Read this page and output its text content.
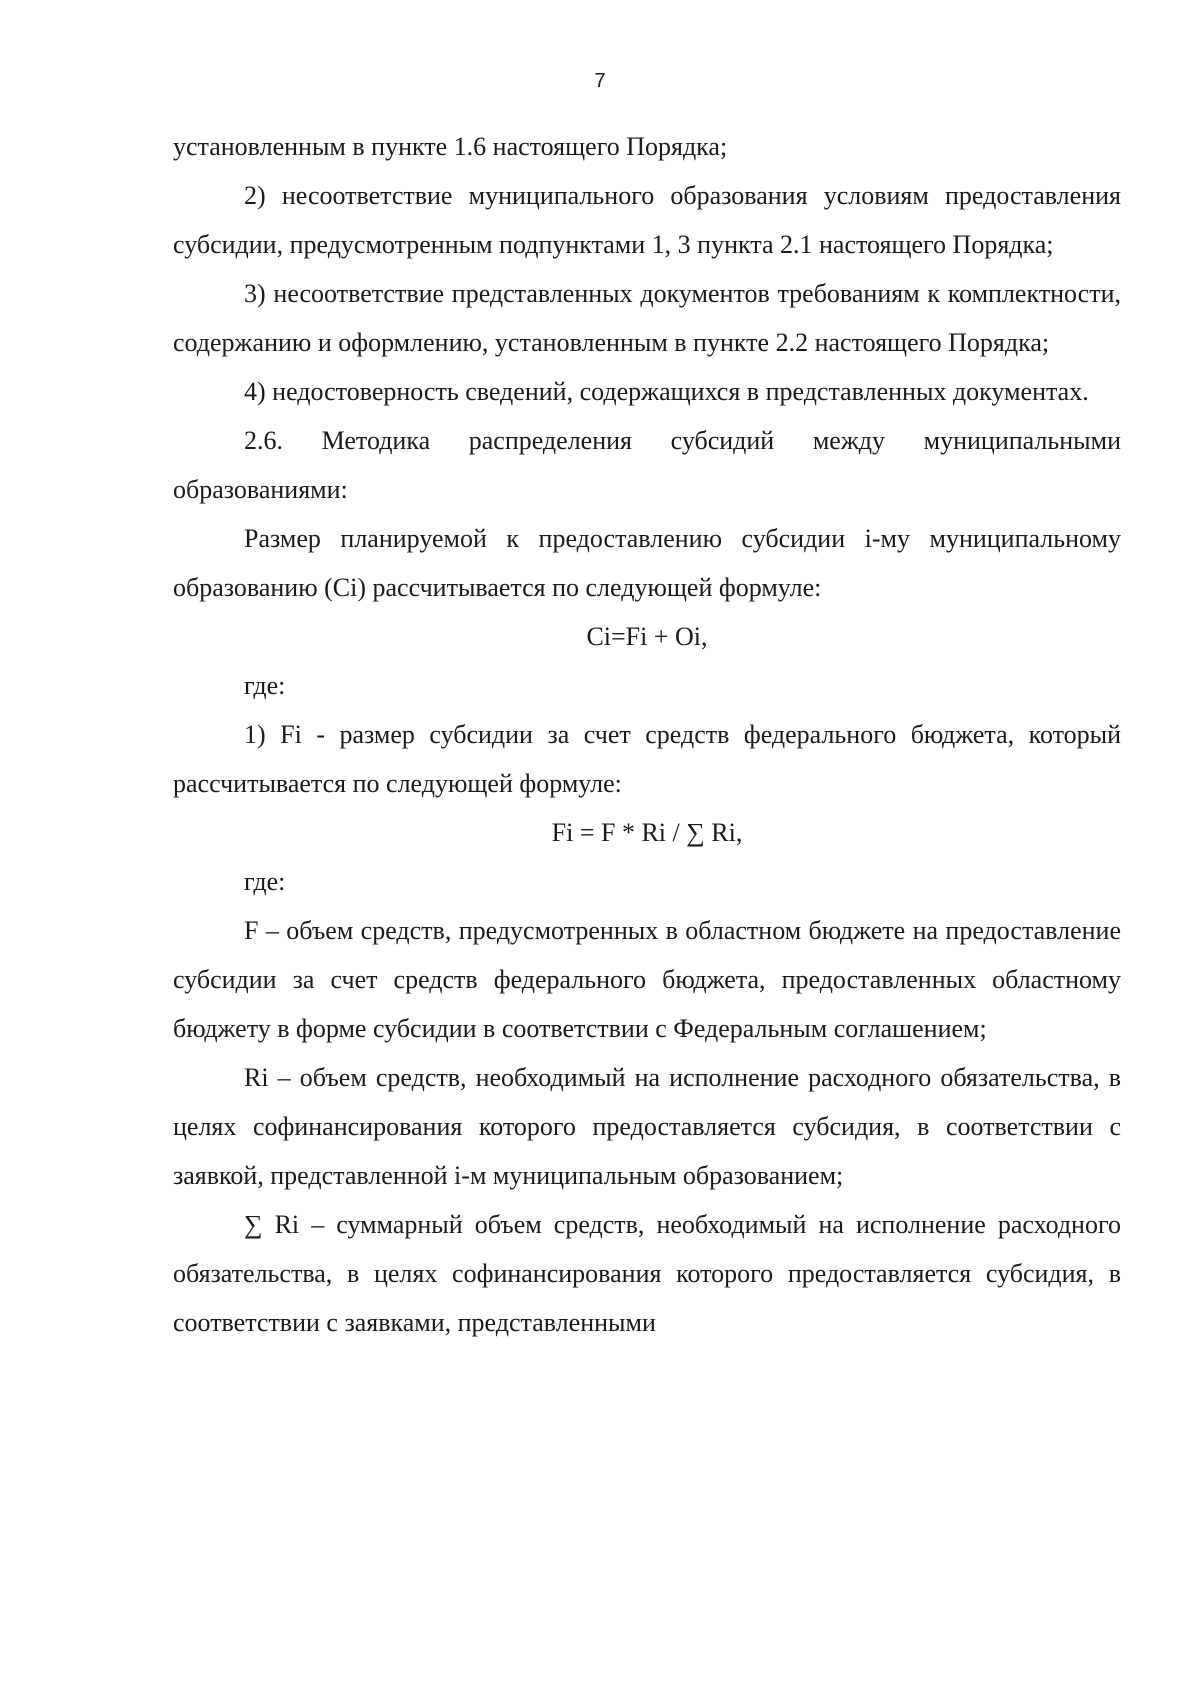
7

установленным в пункте 1.6 настоящего Порядка;

2) несоответствие муниципального образования условиям предоставления субсидии, предусмотренным подпунктами 1, 3 пункта 2.1 настоящего Порядка;

3) несоответствие представленных документов требованиям к комплектности, содержанию и оформлению, установленным в пункте 2.2 настоящего Порядка;

4) недостоверность сведений, содержащихся в представленных документах.

2.6. Методика распределения субсидий между муниципальными образованиями:

Размер планируемой к предоставлению субсидии i-му муниципальному образованию (Ci) рассчитывается по следующей формуле:

Ci=Fi + Oi,

где:

1) Fi - размер субсидии за счет средств федерального бюджета, который рассчитывается по следующей формуле:

Fi = F * Ri / ∑ Ri,

где:

F – объем средств, предусмотренных в областном бюджете на предоставление субсидии за счет средств федерального бюджета, предоставленных областному бюджету в форме субсидии в соответствии с Федеральным соглашением;

Ri – объем средств, необходимый на исполнение расходного обязательства, в целях софинансирования которого предоставляется субсидия, в соответствии с заявкой, представленной i-м муниципальным образованием;

∑ Ri – суммарный объем средств, необходимый на исполнение расходного обязательства, в целях софинансирования которого предоставляется субсидия, в соответствии с заявками, представленными
